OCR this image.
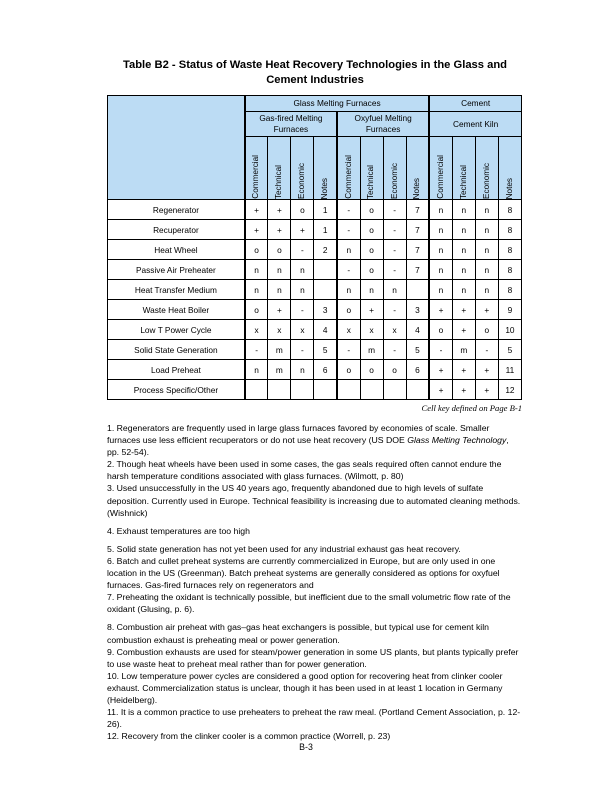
Table B2 - Status of Waste Heat Recovery Technologies in the Glass and Cement Industries
	Glass Melting Furnaces								Cement			
	Gas-fired Melting Furnaces				Oxyfuel Melting Furnaces				Cement Kiln			

	Commercial	Technical	Economic	Notes	Commercial	Technical	Economic	Notes	Commercial	Technical	Economic	Notes

Regenerator	+	+	o	1	-	o	-	7	n	n	n	8
Recuperator	+	+	+	1	-	o	-	7	n	n	n	8
Heat Wheel	o	o	-	2	n	o	-	7	n	n	n	8
Passive Air Preheater	n	n	n		-	o	-	7	n	n	n	8
Heat Transfer Medium	n	n	n		n	n	n		n	n	n	8
Waste Heat Boiler	o	+	-	3	o	+	-	3	+	+	+	9
Low T Power Cycle	x	x	x	4	x	x	x	4	o	+	o	10
Solid State Generation	-	m	-	5	-	m	-	5	-	m	-	5
Load Preheat	n	m	n	6	o	o	o	6	+	+	+	11
Process Specific/Other									+	+	+	12
Cell key defined on Page B-1

1. Regenerators are frequently used in large glass furnaces favored by economies of scale. Smaller furnaces use less efficient recuperators or do not use heat recovery (US DOE Glass Melting Technology, pp. 52-54).

2. Though heat wheels have been used in some cases, the gas seals required often cannot endure the harsh temperature conditions associated with glass furnaces. (Wilmott, p. 80)

3. Used unsuccessfully in the US 40 years ago, frequently abandoned due to high levels of sulfate deposition. Currently used in Europe. Technical feasibility is increasing due to automated cleaning methods. (Wishnick)

4. Exhaust temperatures are too high

5. Solid state generation has not yet been used for any industrial exhaust gas heat recovery.

6. Batch and cullet preheat systems are currently commercialized in Europe, but are only used in one location in the US (Greenman). Batch preheat systems are generally considered as options for oxyfuel furnaces. Gas-fired furnaces rely on regenerators and

7. Preheating the oxidant is technically possible, but inefficient due to the small volumetric flow rate of the oxidant (Glusing, p. 6).

8. Combustion air preheat with gas–gas heat exchangers is possible, but typical use for cement kiln combustion exhaust is preheating meal or power generation.

9. Combustion exhausts are used for steam/power generation in some US plants, but plants typically prefer to use waste heat to preheat meal rather than for power generation.

10. Low temperature power cycles are considered a good option for recovering heat from clinker cooler exhaust. Commercialization status is unclear, though it has been used in at least 1 location in Germany (Heidelberg).

11. It is a common practice to use preheaters to preheat the raw meal. (Portland Cement Association, p. 12-26).

12. Recovery from the clinker cooler is a common practice (Worrell, p. 23)

B-3
